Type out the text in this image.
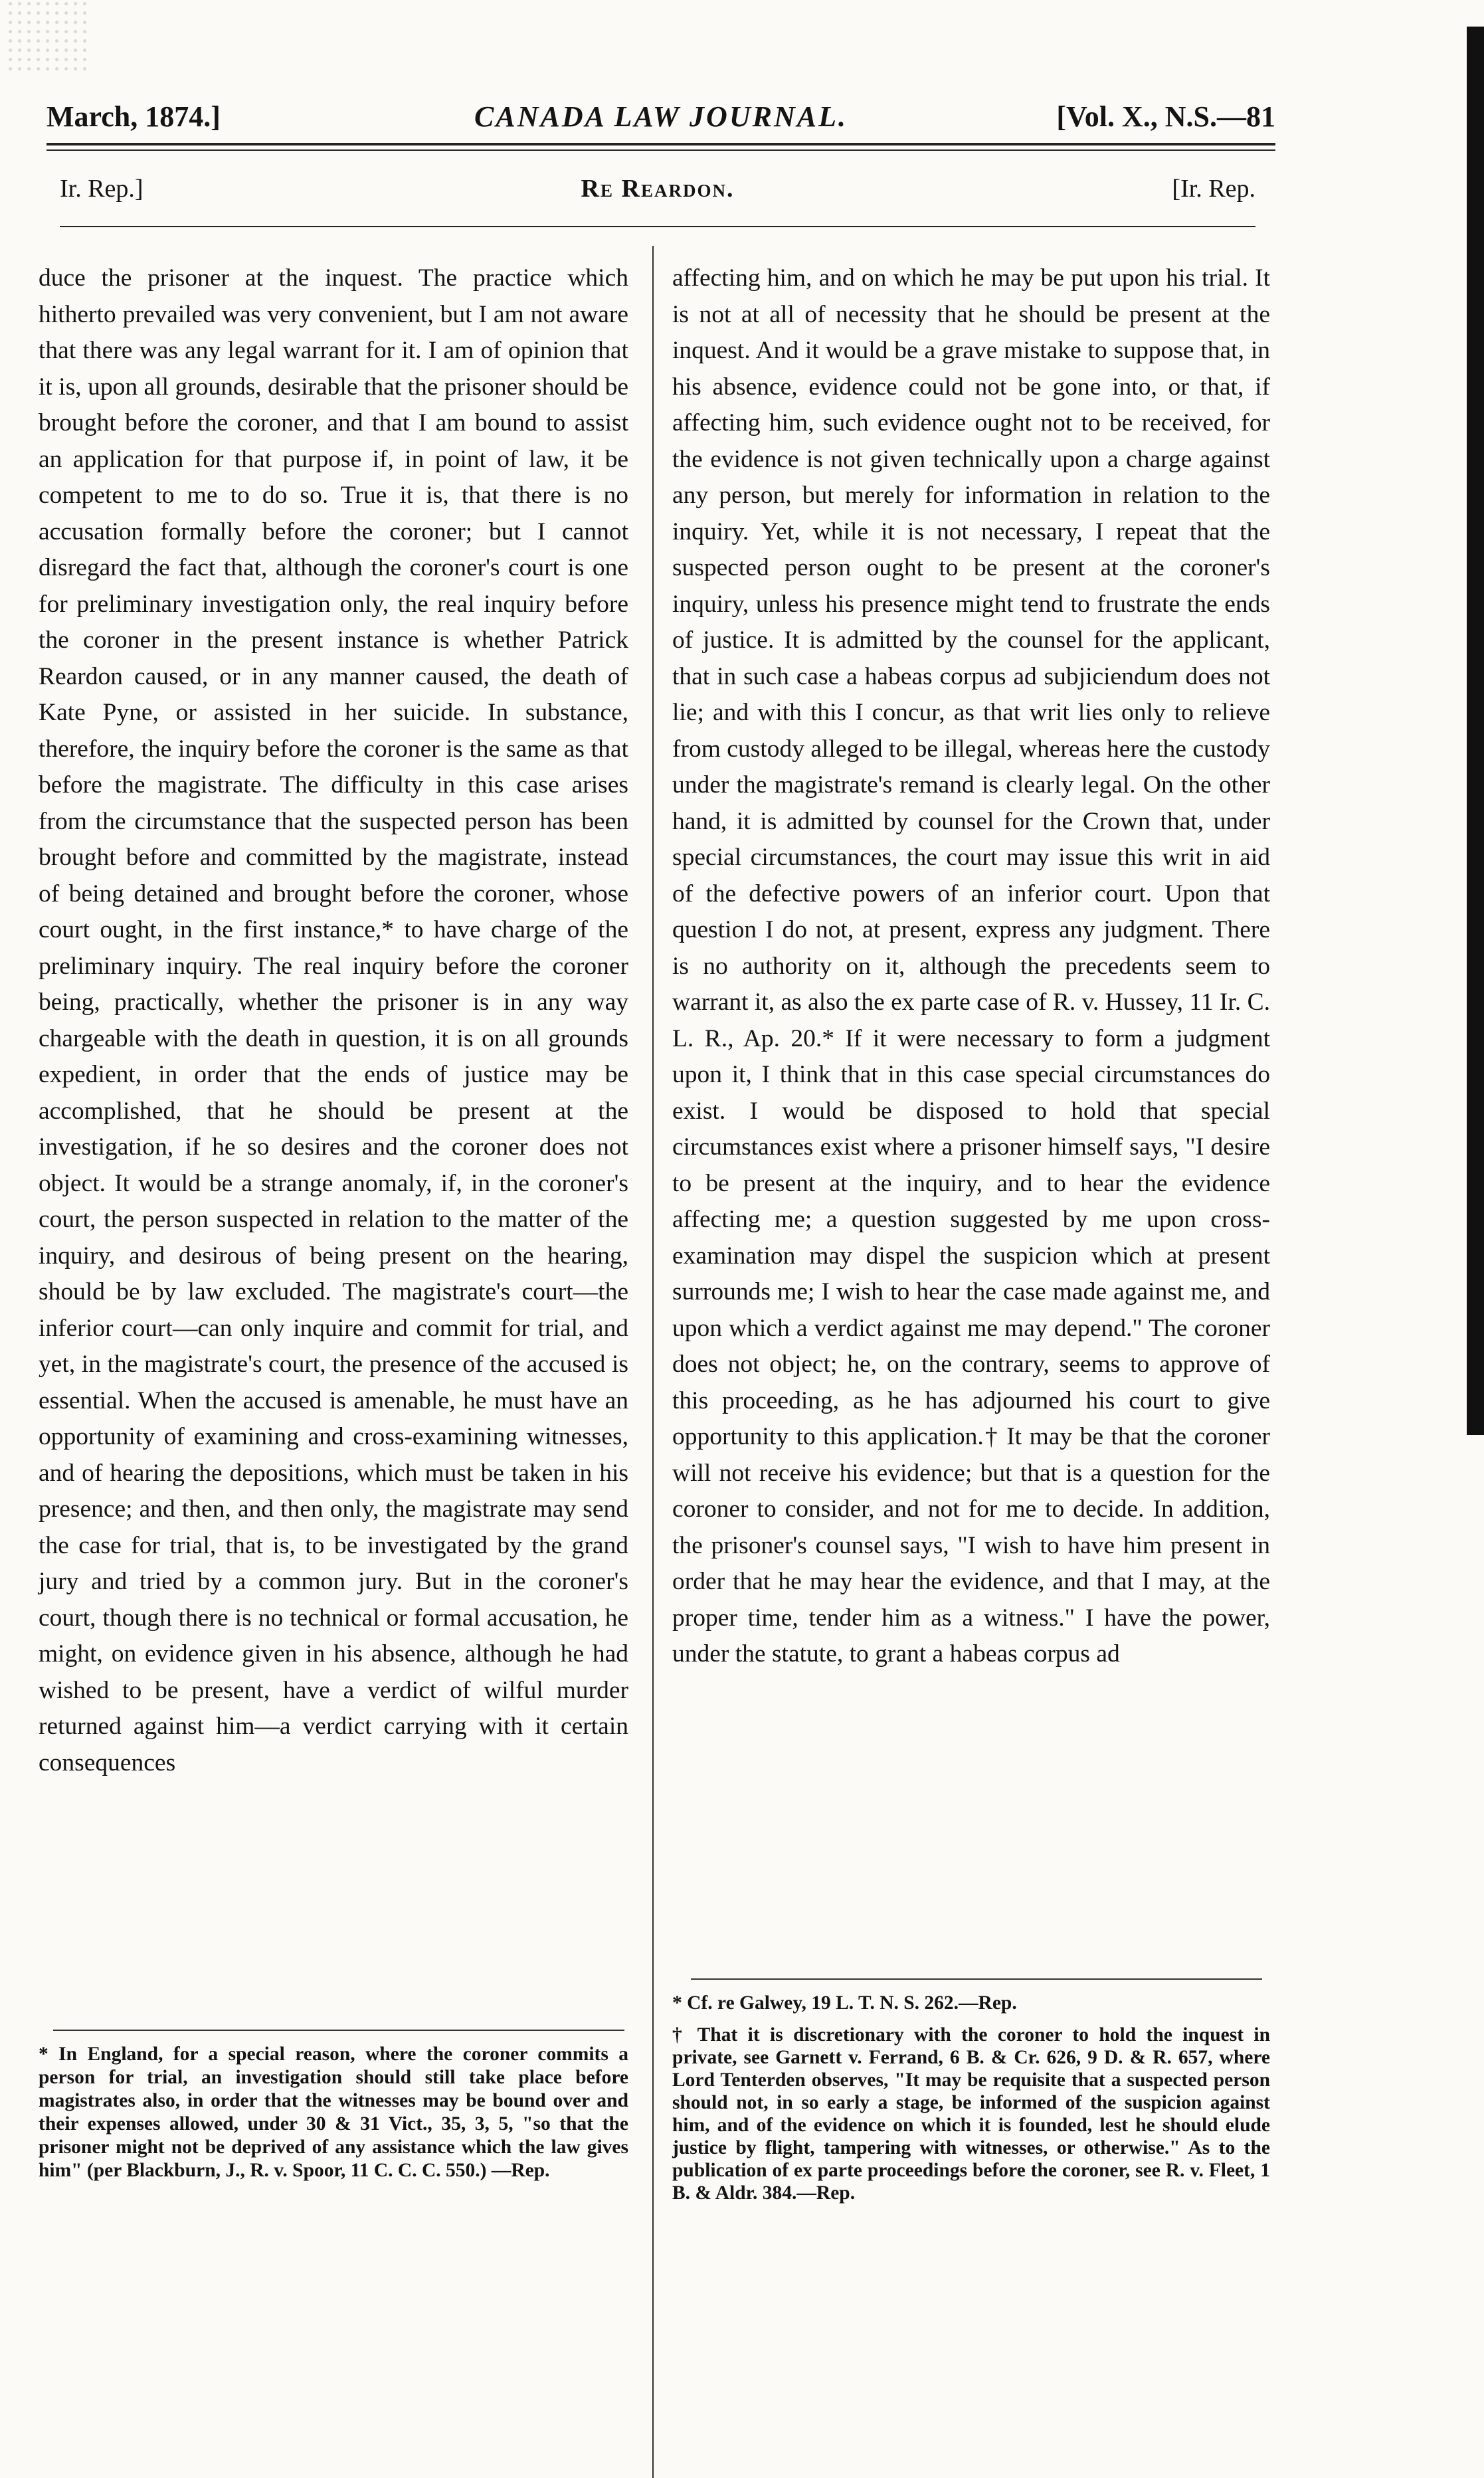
March, 1874.]	CANADA LAW JOURNAL.	[Vol. X., N.S.—81
Ir. Rep.]	Re Reardon.	[Ir. Rep.

duce the prisoner at the inquest. The practice which hitherto prevailed was very convenient, but I am not aware that there was any legal warrant for it. I am of opinion that it is, upon all grounds, desirable that the prisoner should be brought before the coroner, and that I am bound to assist an application for that purpose if, in point of law, it be competent to me to do so. True it is, that there is no accusation formally before the coroner; but I cannot disregard the fact that, although the coroner's court is one for preliminary investigation only, the real inquiry before the coroner in the present instance is whether Patrick Reardon caused, or in any manner caused, the death of Kate Pyne, or assisted in her suicide. In substance, therefore, the inquiry before the coroner is the same as that before the magistrate. The difficulty in this case arises from the circumstance that the suspected person has been brought before and committed by the magistrate, instead of being detained and brought before the coroner, whose court ought, in the first instance,* to have charge of the preliminary inquiry. The real inquiry before the coroner being, practically, whether the prisoner is in any way chargeable with the death in question, it is on all grounds expedient, in order that the ends of justice may be accomplished, that he should be present at the investigation, if he so desires and the coroner does not object. It would be a strange anomaly, if, in the coroner's court, the person suspected in relation to the matter of the inquiry, and desirous of being present on the hearing, should be by law excluded. The magistrate's court—the inferior court—can only inquire and commit for trial, and yet, in the magistrate's court, the presence of the accused is essential. When the accused is amenable, he must have an opportunity of examining and cross-examining witnesses, and of hearing the depositions, which must be taken in his presence; and then, and then only, the magistrate may send the case for trial, that is, to be investigated by the grand jury and tried by a common jury. But in the coroner's court, though there is no technical or formal accusation, he might, on evidence given in his absence, although he had wished to be present, have a verdict of wilful murder returned against him—a verdict carrying with it certain consequences

affecting him, and on which he may be put upon his trial. It is not at all of necessity that he should be present at the inquest. And it would be a grave mistake to suppose that, in his absence, evidence could not be gone into, or that, if affecting him, such evidence ought not to be received, for the evidence is not given technically upon a charge against any person, but merely for information in relation to the inquiry. Yet, while it is not necessary, I repeat that the suspected person ought to be present at the coroner's inquiry, unless his presence might tend to frustrate the ends of justice. It is admitted by the counsel for the applicant, that in such case a habeas corpus ad subjiciendum does not lie; and with this I concur, as that writ lies only to relieve from custody alleged to be illegal, whereas here the custody under the magistrate's remand is clearly legal. On the other hand, it is admitted by counsel for the Crown that, under special circumstances, the court may issue this writ in aid of the defective powers of an inferior court. Upon that question I do not, at present, express any judgment. There is no authority on it, although the precedents seem to warrant it, as also the ex parte case of R. v. Hussey, 11 Ir. C. L. R., Ap. 20.* If it were necessary to form a judgment upon it, I think that in this case special circumstances do exist. I would be disposed to hold that special circumstances exist where a prisoner himself says, "I desire to be present at the inquiry, and to hear the evidence affecting me; a question suggested by me upon cross-examination may dispel the suspicion which at present surrounds me; I wish to hear the case made against me, and upon which a verdict against me may depend." The coroner does not object; he, on the contrary, seems to approve of this proceeding, as he has adjourned his court to give opportunity to this application.† It may be that the coroner will not receive his evidence; but that is a question for the coroner to consider, and not for me to decide. In addition, the prisoner's counsel says, "I wish to have him present in order that he may hear the evidence, and that I may, at the proper time, tender him as a witness." I have the power, under the statute, to grant a habeas corpus ad

* In England, for a special reason, where the coroner commits a person for trial, an investigation should still take place before magistrates also, in order that the witnesses may be bound over and their expenses allowed, under 30 & 31 Vict., 35, 3, 5, "so that the prisoner might not be deprived of any assistance which the law gives him" (per Blackburn, J., R. v. Spoor, 11 C. C. C. 550.) —Rep.

* Cf. re Galwey, 19 L. T. N. S. 262.—Rep.

† That it is discretionary with the coroner to hold the inquest in private, see Garnett v. Ferrand, 6 B. & Cr. 626, 9 D. & R. 657, where Lord Tenterden observes, "It may be requisite that a suspected person should not, in so early a stage, be informed of the suspicion against him, and of the evidence on which it is founded, lest he should elude justice by flight, tampering with witnesses, or otherwise." As to the publication of ex parte proceedings before the coroner, see R. v. Fleet, 1 B. & Aldr. 384.—Rep.
